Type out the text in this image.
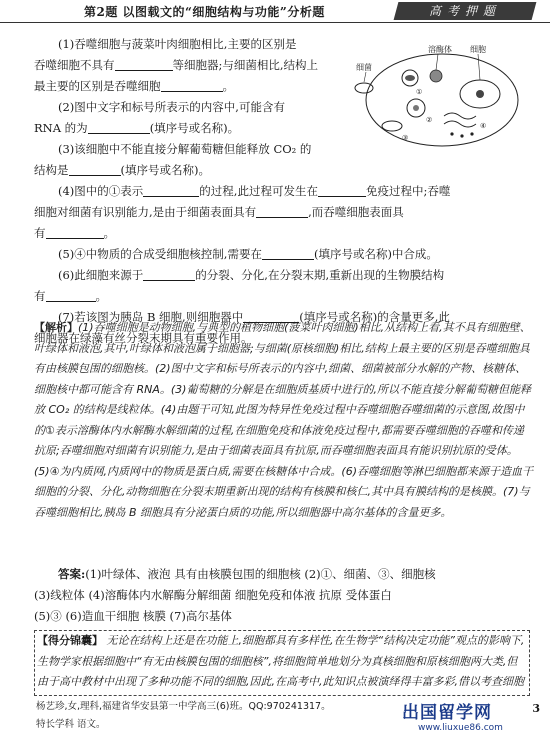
第2题 以图载文的“细胞结构与功能”分析题	高考押题
溶酶体
细菌
细胞
①
②
③
④

(1)吞噬细胞与菠菜叶肉细胞相比,主要的区别是

吞噬细胞不具有	等细胞器;与细菌相比,结构上

最主要的区别是吞噬细胞	。

(2)图中文字和标号所表示的内容中,可能含有

RNA 的为	(填序号或名称)。

(3)该细胞中不能直接分解葡萄糖但能释放 CO₂ 的

结构是	(填序号或名称)。

(4)图中的①表示	的过程,此过程可发生在	免疫过程中;吞噬

细胞对细菌有识别能力,是由于细菌表面具有	,而吞噬细胞表面具

有	。

(5)④中物质的合成受细胞核控制,需要在	(填序号或名称)中合成。

(6)此细胞来源于	的分裂、分化,在分裂末期,重新出现的生物膜结构

有	。

(7)若该图为胰岛 B 细胞,则细胞器中	(填序号或名称)的含量更多,此

细胞器在绿藻有丝分裂末期具有重要作用。

【解析】(1)吞噬细胞是动物细胞,与典型的植物细胞(菠菜叶肉细胞)相比,从结构上看,其不具有细胞壁、叶绿体和液泡,其中,叶绿体和液泡属于细胞器;与细菌(原核细胞)相比,结构上最主要的区别是吞噬细胞具有由核膜包围的细胞核。(2)图中文字和标号所表示的内容中,细菌、细菌被部分水解的产物、核糖体、细胞核中都可能含有 RNA。(3)葡萄糖的分解是在细胞质基质中进行的,所以不能直接分解葡萄糖但能释放 CO₂ 的结构是线粒体。(4)由题干可知,此图为特异性免疫过程中吞噬细胞吞噬细菌的示意图,故图中的①表示溶酶体内水解酶水解细菌的过程,在细胞免疫和体液免疫过程中,都需要吞噬细胞的吞噬和传递抗原;吞噬细胞对细菌有识别能力,是由于细菌表面具有抗原,而吞噬细胞表面具有能识别抗原的受体。(5)④为内质网,内质网中的物质是蛋白质,需要在核糖体中合成。(6)吞噬细胞等淋巴细胞都来源于造血干细胞的分裂、分化,动物细胞在分裂末期重新出现的结构有核膜和核仁,其中具有膜结构的是核膜。(7)与吞噬细胞相比,胰岛 B 细胞具有分泌蛋白质的功能,所以细胞器中高尔基体的含量更多。
答案:(1)叶绿体、液泡 具有由核膜包围的细胞核 (2)①、细菌、③、细胞核
(3)线粒体 (4)溶酶体内水解酶分解细菌 细胞免疫和体液 抗原 受体蛋白
(5)③ (6)造血干细胞 核膜 (7)高尔基体
【得分锦囊】 无论在结构上还是在功能上,细胞都具有多样性,在生物学“结构决定功能”观点的影响下,生物学家根据细胞中“有无由核膜包围的细胞核”,将细胞简单地划分为真核细胞和原核细胞两大类,但由于高中教材中出现了多种功能不同的细胞,因此,在高考中,此知识点被演绎得丰富多彩,借以考查细胞
杨艺珍,女,理科,福建省华安县第一中学高三(6)班。QQ:970241317。
特长学科 语文。
出国留学网
www.liuxue86.com
3
